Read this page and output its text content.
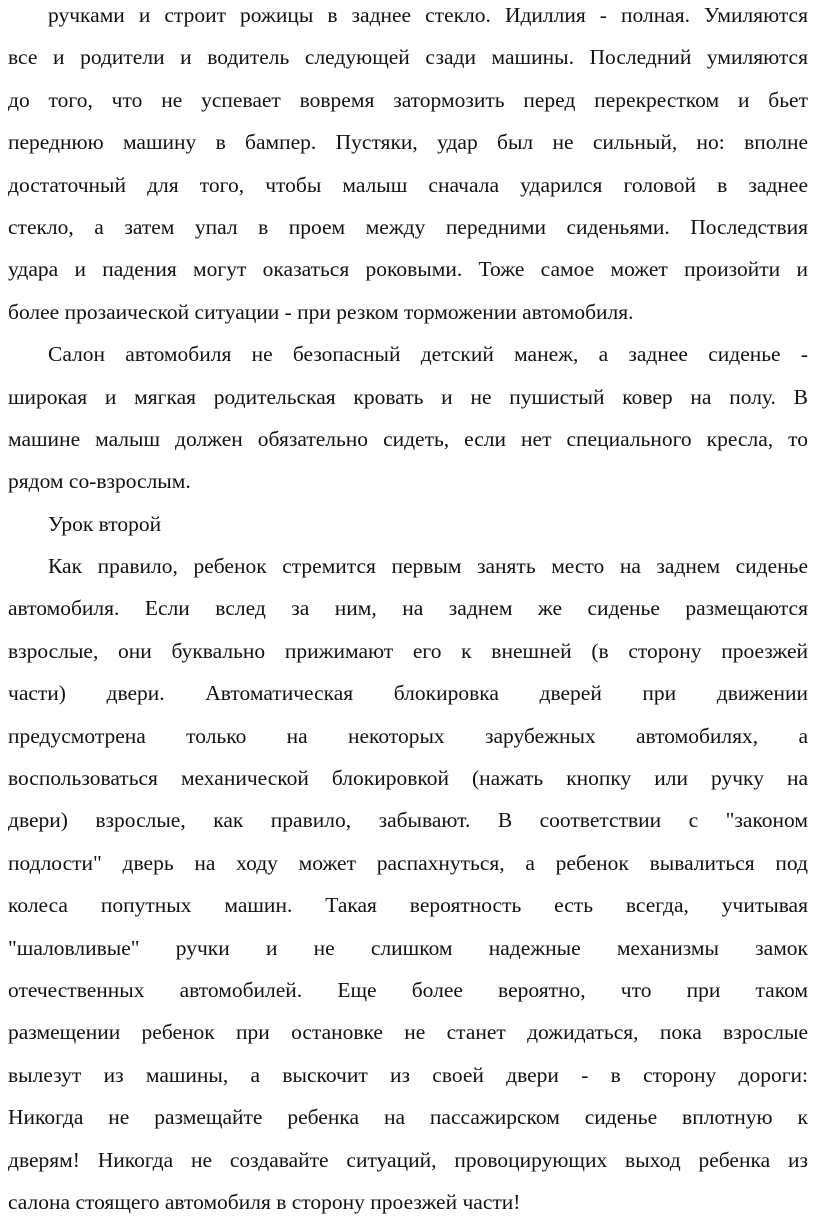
ручками и строит рожицы в заднее стекло. Идиллия - полная. Умиляются
все и родители и водитель следующей сзади машины. Последний умиляются
до того, что не успевает вовремя затормозить перед перекрестком и бьет
переднюю машину в бампер. Пустяки, удар был не сильный, но: вполне
достаточный для того, чтобы малыш сначала ударился головой в заднее
стекло, а затем упал в проем между передними сиденьями. Последствия
удара и падения могут оказаться роковыми. Тоже самое может произойти и
более прозаической ситуации - при резком торможении автомобиля.
Салон автомобиля не безопасный детский манеж, а заднее сиденье -
широкая и мягкая родительская кровать и не пушистый ковер на полу. В
машине малыш должен обязательно сидеть, если нет специального кресла, то
рядом со-взрослым.
Урок второй
Как правило, ребенок стремится первым занять место на заднем сиденье
автомобиля. Если вслед за ним, на заднем же сиденье размещаются
взрослые, они буквально прижимают его к внешней (в сторону проезжей
части) двери. Автоматическая блокировка дверей при движении
предусмотрена только на некоторых зарубежных автомобилях, а
воспользоваться механической блокировкой (нажать кнопку или ручку на
двери) взрослые, как правило, забывают. В соответствии с "законом
подлости" дверь на ходу может распахнуться, а ребенок вывалиться под
колеса попутных машин. Такая вероятность есть всегда, учитывая
"шаловливые" ручки и не слишком надежные механизмы замок
отечественных автомобилей. Еще более вероятно, что при таком
размещении ребенок при остановке не станет дожидаться, пока взрослые
вылезут из машины, а выскочит из своей двери - в сторону дороги:
Никогда не размещайте ребенка на пассажирском сиденье вплотную к
дверям! Никогда не создавайте ситуаций, провоцирующих выход ребенка из
салона стоящего автомобиля в сторону проезжей части!
